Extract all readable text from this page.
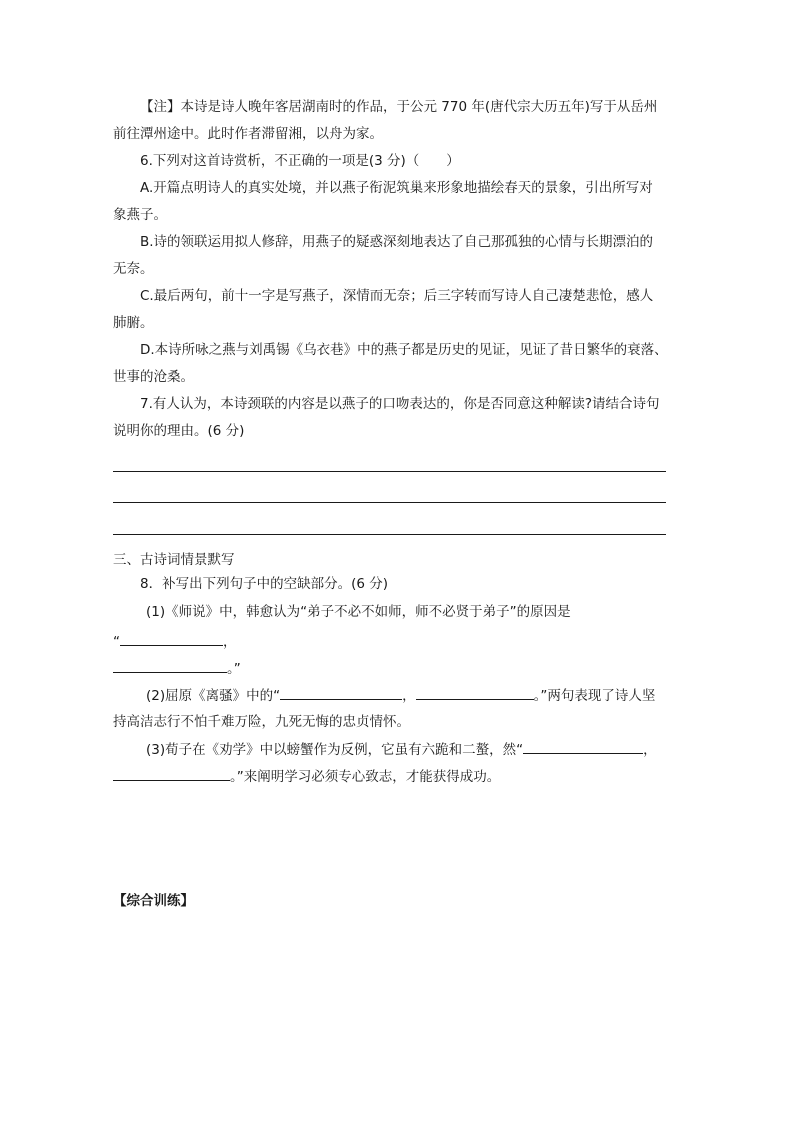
【注】本诗是诗人晚年客居湖南时的作品，于公元 770 年(唐代宗大历五年)写于从岳州
前往潭州途中。此时作者滞留湘，以舟为家。
6.下列对这首诗赏析，不正确的一项是(3 分)（　　）
A.开篇点明诗人的真实处境，并以燕子衔泥筑巢来形象地描绘春天的景象，引出所写对
象燕子。
B.诗的领联运用拟人修辞，用燕子的疑惑深刻地表达了自己那孤独的心情与长期漂泊的
无奈。
C.最后两句，前十一字是写燕子，深情而无奈；后三字转而写诗人自己凄楚悲怆，感人
肺腑。
D.本诗所咏之燕与刘禹锡《乌衣巷》中的燕子都是历史的见证，见证了昔日繁华的衰落、
世事的沧桑。
7.有人认为，本诗颈联的内容是以燕子的口吻表达的，你是否同意这种解读?请结合诗句
说明你的理由。(6 分)
三、古诗词情景默写
8．补写出下列句子中的空缺部分。(6 分)
(1)《师说》中，韩愈认为“弟子不必不如师，师不必贤于弟子”的原因是
“	，
。”
(2)屈原《离骚》中的“	，	。”两句表现了诗人坚
持高洁志行不怕千难万险，九死无悔的忠贞情怀。
(3)荀子在《劝学》中以螃蟹作为反例，它虽有六跪和二螯，然“	，
。”来阐明学习必须专心致志，才能获得成功。
【综合训练】
